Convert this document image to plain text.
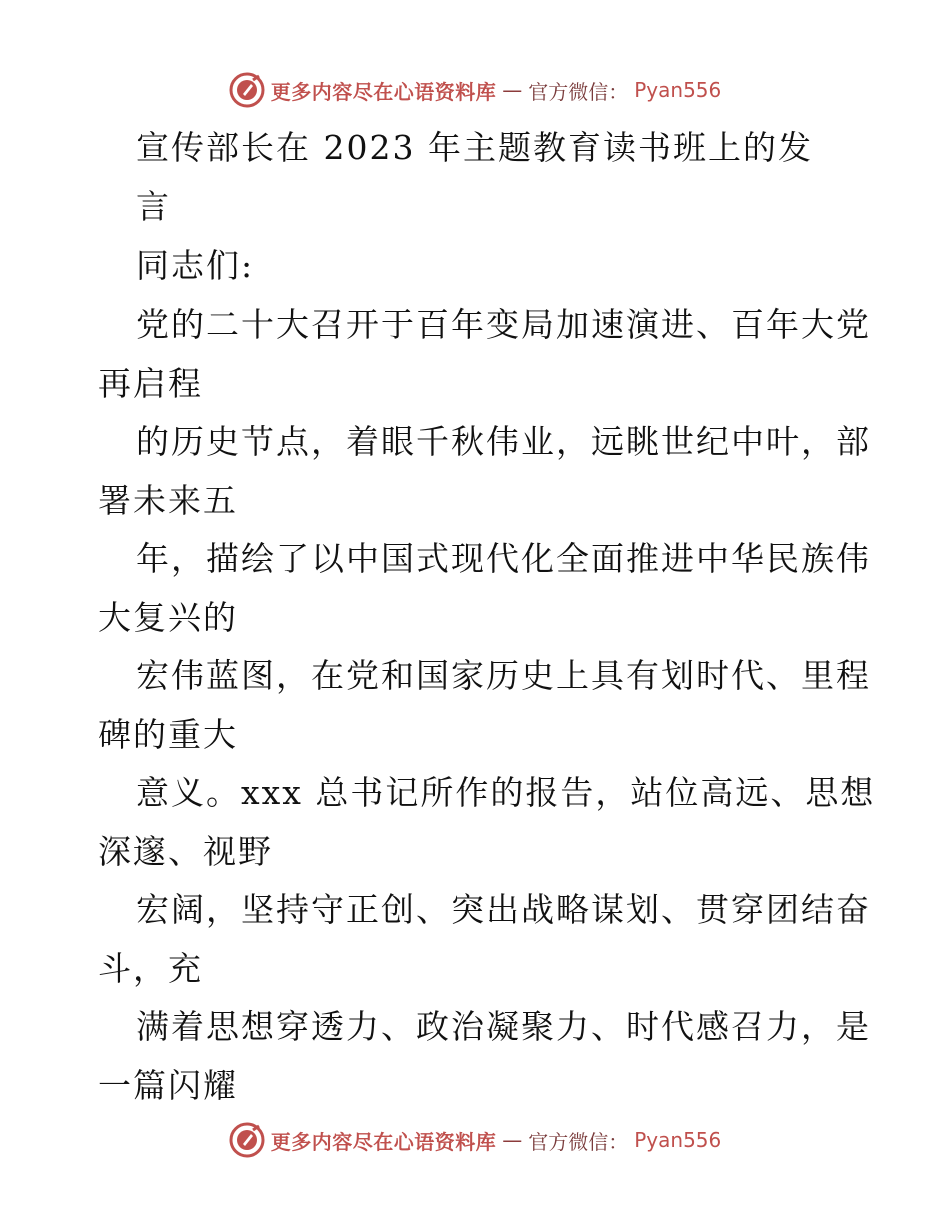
更多内容尽在心语资料库 — 官方微信： Pyan556
宣传部长在 2023 年主题教育读书班上的发
言
同志们:
党的二十大召开于百年变局加速演进、百年大党
再启程
的历史节点，着眼千秋伟业，远眺世纪中叶，部
署未来五
年，描绘了以中国式现代化全面推进中华民族伟
大复兴的
宏伟蓝图，在党和国家历史上具有划时代、里程
碑的重大
意义。xxx 总书记所作的报告，站位高远、思想
深邃、视野
宏阔，坚持守正创、突出战略谋划、贯穿团结奋
斗，充
满着思想穿透力、政治凝聚力、时代感召力，是
一篇闪耀
更多内容尽在心语资料库 — 官方微信： Pyan556
